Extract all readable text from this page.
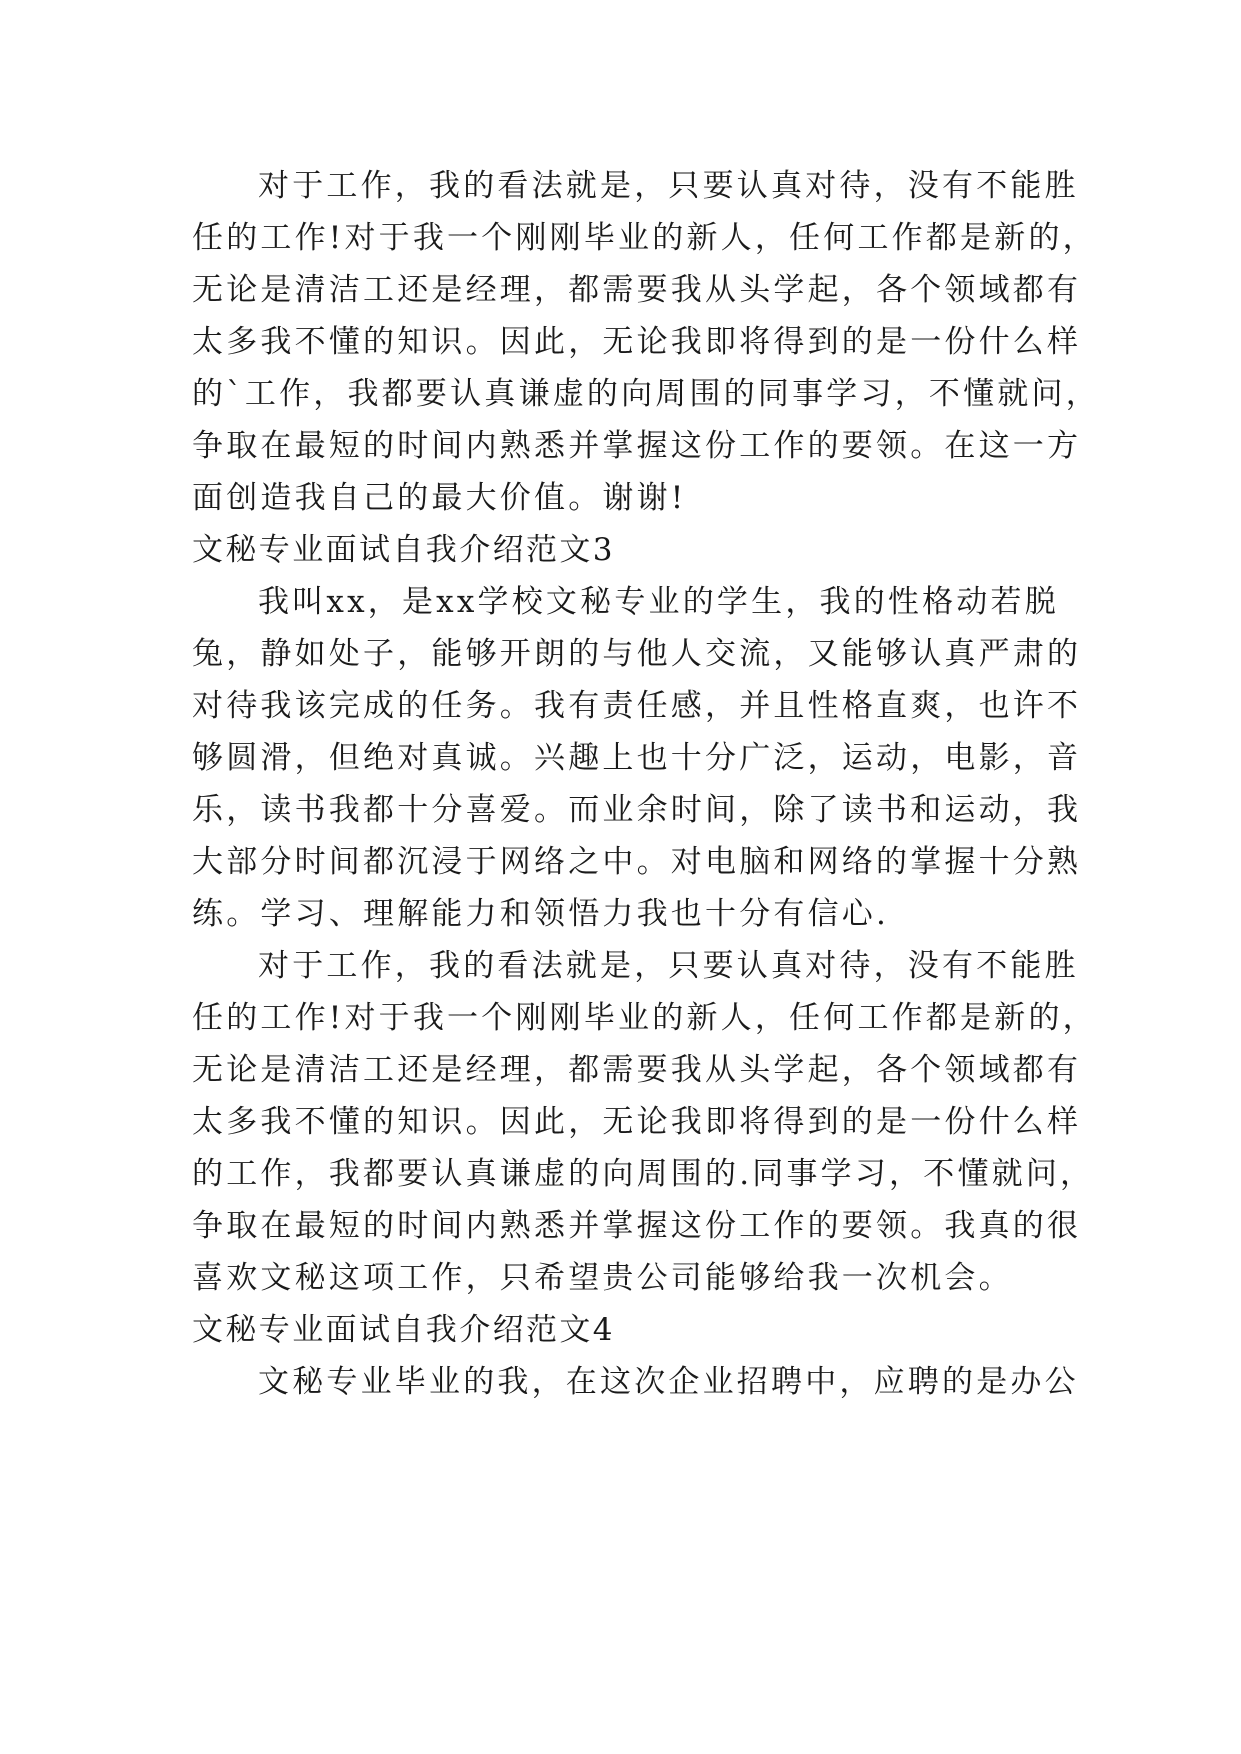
对于工作，我的看法就是，只要认真对待，没有不能胜
任的工作!对于我一个刚刚毕业的新人，任何工作都是新的，
无论是清洁工还是经理，都需要我从头学起，各个领域都有
太多我不懂的知识。因此，无论我即将得到的是一份什么样
的`工作，我都要认真谦虚的向周围的同事学习，不懂就问，
争取在最短的时间内熟悉并掌握这份工作的要领。在这一方
面创造我自己的最大价值。谢谢!
文秘专业面试自我介绍范文3
我叫xx，是xx学校文秘专业的学生，我的性格动若脱
兔，静如处子，能够开朗的与他人交流，又能够认真严肃的
对待我该完成的任务。我有责任感，并且性格直爽，也许不
够圆滑，但绝对真诚。兴趣上也十分广泛，运动，电影，音
乐，读书我都十分喜爱。而业余时间，除了读书和运动，我
大部分时间都沉浸于网络之中。对电脑和网络的掌握十分熟
练。学习、理解能力和领悟力我也十分有信心.
对于工作，我的看法就是，只要认真对待，没有不能胜
任的工作!对于我一个刚刚毕业的新人，任何工作都是新的，
无论是清洁工还是经理，都需要我从头学起，各个领域都有
太多我不懂的知识。因此，无论我即将得到的是一份什么样
的工作，我都要认真谦虚的向周围的.同事学习，不懂就问，
争取在最短的时间内熟悉并掌握这份工作的要领。我真的很
喜欢文秘这项工作，只希望贵公司能够给我一次机会。
文秘专业面试自我介绍范文4
文秘专业毕业的我，在这次企业招聘中，应聘的是办公
